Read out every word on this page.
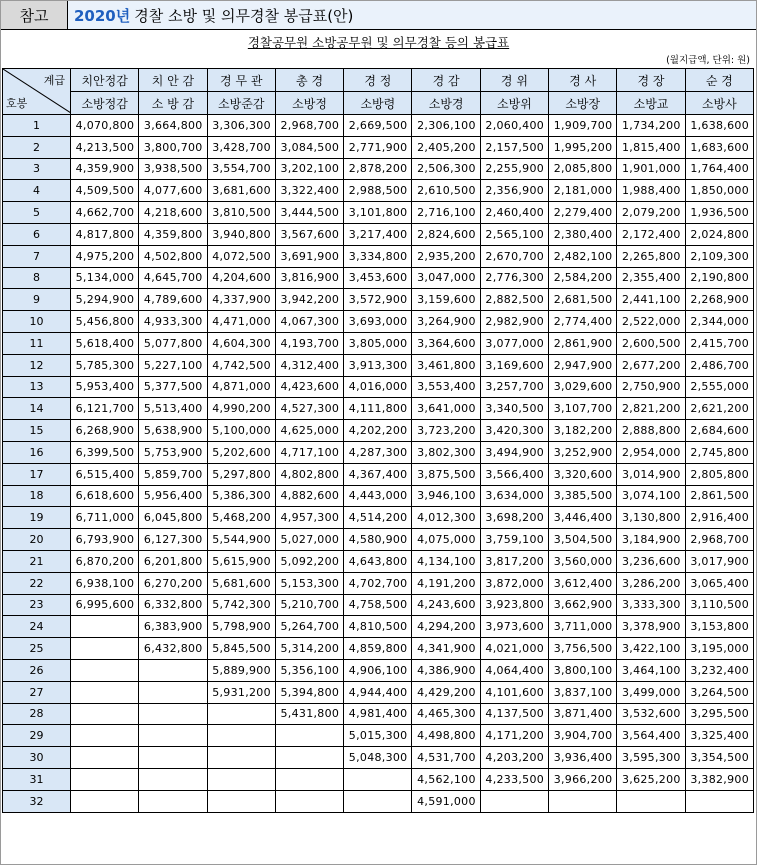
참고	2020년 경찰 소방 및 의무경찰 봉급표(안)
경찰공무원 소방공무원 및 의무경찰 등의 봉급표
(월지급액, 단위: 원)
계급
호봉	치안정감	치 안 감	경 무 관	총 경	경 정	경 감	경 위	경 사	경 장	순 경
	소방정감	소 방 감	소방준감	소방정	소방령	소방경	소방위	소방장	소방교	소방사
1	4,070,800	3,664,800	3,306,300	2,968,700	2,669,500	2,306,100	2,060,400	1,909,700	1,734,200	1,638,600
2	4,213,500	3,800,700	3,428,700	3,084,500	2,771,900	2,405,200	2,157,500	1,995,200	1,815,400	1,683,600
3	4,359,900	3,938,500	3,554,700	3,202,100	2,878,200	2,506,300	2,255,900	2,085,800	1,901,000	1,764,400
4	4,509,500	4,077,600	3,681,600	3,322,400	2,988,500	2,610,500	2,356,900	2,181,000	1,988,400	1,850,000
5	4,662,700	4,218,600	3,810,500	3,444,500	3,101,800	2,716,100	2,460,400	2,279,400	2,079,200	1,936,500
6	4,817,800	4,359,800	3,940,800	3,567,600	3,217,400	2,824,600	2,565,100	2,380,400	2,172,400	2,024,800
7	4,975,200	4,502,800	4,072,500	3,691,900	3,334,800	2,935,200	2,670,700	2,482,100	2,265,800	2,109,300
8	5,134,000	4,645,700	4,204,600	3,816,900	3,453,600	3,047,000	2,776,300	2,584,200	2,355,400	2,190,800
9	5,294,900	4,789,600	4,337,900	3,942,200	3,572,900	3,159,600	2,882,500	2,681,500	2,441,100	2,268,900
10	5,456,800	4,933,300	4,471,000	4,067,300	3,693,000	3,264,900	2,982,900	2,774,400	2,522,000	2,344,000
11	5,618,400	5,077,800	4,604,300	4,193,700	3,805,000	3,364,600	3,077,000	2,861,900	2,600,500	2,415,700
12	5,785,300	5,227,100	4,742,500	4,312,400	3,913,300	3,461,800	3,169,600	2,947,900	2,677,200	2,486,700
13	5,953,400	5,377,500	4,871,000	4,423,600	4,016,000	3,553,400	3,257,700	3,029,600	2,750,900	2,555,000
14	6,121,700	5,513,400	4,990,200	4,527,300	4,111,800	3,641,000	3,340,500	3,107,700	2,821,200	2,621,200
15	6,268,900	5,638,900	5,100,000	4,625,000	4,202,200	3,723,200	3,420,300	3,182,200	2,888,800	2,684,600
16	6,399,500	5,753,900	5,202,600	4,717,100	4,287,300	3,802,300	3,494,900	3,252,900	2,954,000	2,745,800
17	6,515,400	5,859,700	5,297,800	4,802,800	4,367,400	3,875,500	3,566,400	3,320,600	3,014,900	2,805,800
18	6,618,600	5,956,400	5,386,300	4,882,600	4,443,000	3,946,100	3,634,000	3,385,500	3,074,100	2,861,500
19	6,711,000	6,045,800	5,468,200	4,957,300	4,514,200	4,012,300	3,698,200	3,446,400	3,130,800	2,916,400
20	6,793,900	6,127,300	5,544,900	5,027,000	4,580,900	4,075,000	3,759,100	3,504,500	3,184,900	2,968,700
21	6,870,200	6,201,800	5,615,900	5,092,200	4,643,800	4,134,100	3,817,200	3,560,000	3,236,600	3,017,900
22	6,938,100	6,270,200	5,681,600	5,153,300	4,702,700	4,191,200	3,872,000	3,612,400	3,286,200	3,065,400
23	6,995,600	6,332,800	5,742,300	5,210,700	4,758,500	4,243,600	3,923,800	3,662,900	3,333,300	3,110,500
24		6,383,900	5,798,900	5,264,700	4,810,500	4,294,200	3,973,600	3,711,000	3,378,900	3,153,800
25		6,432,800	5,845,500	5,314,200	4,859,800	4,341,900	4,021,000	3,756,500	3,422,100	3,195,000
26			5,889,900	5,356,100	4,906,100	4,386,900	4,064,400	3,800,100	3,464,100	3,232,400
27			5,931,200	5,394,800	4,944,400	4,429,200	4,101,600	3,837,100	3,499,000	3,264,500
28				5,431,800	4,981,400	4,465,300	4,137,500	3,871,400	3,532,600	3,295,500
29					5,015,300	4,498,800	4,171,200	3,904,700	3,564,400	3,325,400
30					5,048,300	4,531,700	4,203,200	3,936,400	3,595,300	3,354,500
31						4,562,100	4,233,500	3,966,200	3,625,200	3,382,900
32						4,591,000				
